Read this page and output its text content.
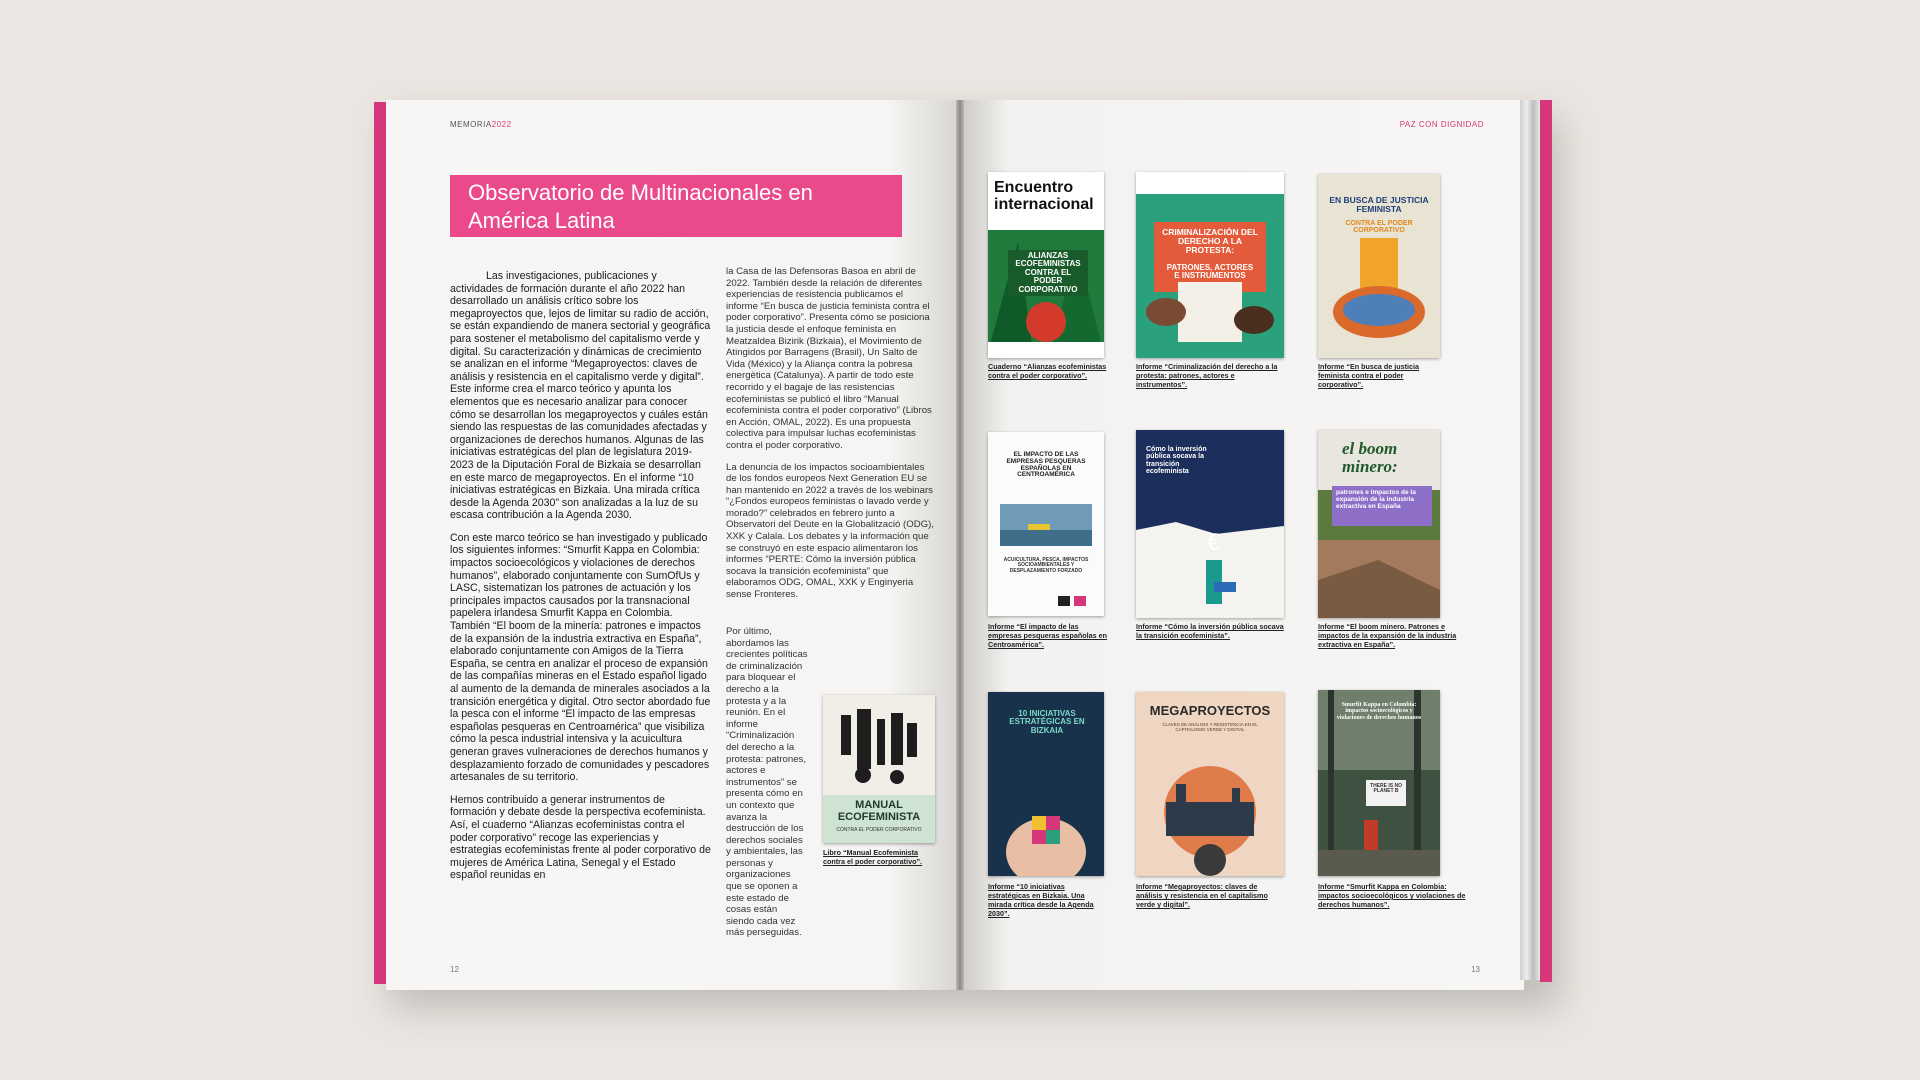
MEMORIA2022
Observatorio de Multinacionales en América Latina

Las investigaciones, publicaciones y actividades de formación durante el año 2022 han desarrollado un análisis crítico sobre los megaproyectos que, lejos de limitar su radio de acción, se están expandiendo de manera sectorial y geográfica para sostener el metabolismo del capitalismo verde y digital. Su caracterización y dinámicas de crecimiento se analizan en el informe “Megaproyectos: claves de análisis y resistencia en el capitalismo verde y digital”. Este informe crea el marco teórico y apunta los elementos que es necesario analizar para conocer cómo se desarrollan los megaproyectos y cuáles están siendo las respuestas de las comunidades afectadas y organizaciones de derechos humanos. Algunas de las iniciativas estratégicas del plan de legislatura 2019-2023 de la Diputación Foral de Bizkaia se desarrollan en este marco de megaproyectos. En el informe “10 iniciativas estratégicas en Bizkaia. Una mirada crítica desde la Agenda 2030” son analizadas a la luz de su escasa contribución a la Agenda 2030.

Con este marco teórico se han investigado y publicado los siguientes informes: “Smurfit Kappa en Colombia: impactos socioecológicos y violaciones de derechos humanos”, elaborado conjuntamente con SumOfUs y LASC, sistematizan los patrones de actuación y los principales impactos causados por la transnacional papelera irlandesa Smurfit Kappa en Colombia. También “El boom de la minería: patrones e impactos de la expansión de la industria extractiva en España”, elaborado conjuntamente con Amigos de la Tierra España, se centra en analizar el proceso de expansión de las compañías mineras en el Estado español ligado al aumento de la demanda de minerales asociados a la transición energética y digital. Otro sector abordado fue la pesca con el informe “El impacto de las empresas españolas pesqueras en Centroamérica” que visibiliza cómo la pesca industrial intensiva y la acuicultura generan graves vulneraciones de derechos humanos y desplazamiento forzado de comunidades y pescadores artesanales de su territorio.

Hemos contribuido a generar instrumentos de formación y debate desde la perspectiva ecofeminista. Así, el cuaderno “Alianzas ecofeministas contra el poder corporativo” recoge las experiencias y estrategias ecofeministas frente al poder corporativo de mujeres de América Latina, Senegal y el Estado español reunidas en

la Casa de las Defensoras Basoa en abril de 2022. También desde la relación de diferentes experiencias de resistencia publicamos el informe “En busca de justicia feminista contra el poder corporativo”. Presenta cómo se posiciona la justicia desde el enfoque feminista en Meatzaldea Bizirik (Bizkaia), el Movimiento de Atingidos por Barragens (Brasil), Un Salto de Vida (México) y la Aliança contra la pobresa energètica (Catalunya). A partir de todo este recorrido y el bagaje de las resistencias ecofeministas se publicó el libro “Manual ecofeminista contra el poder corporativo” (Libros en Acción, OMAL, 2022). Es una propuesta colectiva para impulsar luchas ecofeministas contra el poder corporativo.

La denuncia de los impactos socioambientales de los fondos europeos Next Generation EU se han mantenido en 2022 a través de los webinars “¿Fondos europeos feministas o lavado verde y morado?” celebrados en febrero junto a Observatori del Deute en la Globalització (ODG), XXK y Calala. Los debates y la información que se construyó en este espacio alimentaron los informes “PERTE: Cómo la inversión pública socava la transición ecofeminista” que elaboramos ODG, OMAL, XXK y Enginyeria sense Fronteres.

Por último, abordamos las crecientes políticas de criminalización para bloquear el derecho a la protesta y a la reunión. En el informe “Criminalización del derecho a la protesta: patrones, actores e instrumentos” se presenta cómo en un contexto que avanza la destrucción de los derechos sociales y ambientales, las personas y organizaciones que se oponen a este estado de cosas están siendo cada vez más perseguidas.

MANUAL ECOFEMINISTA
CONTRA EL PODER CORPORATIVO
Libro “Manual Ecofeminista contra el poder corporativo”.
12
PAZ CON DIGNIDAD
Encuentro internacional
ALIANZAS ECOFEMINISTAS CONTRA EL PODER CORPORATIVO
Cuaderno “Alianzas ecofeministas contra el poder corporativo”.
CRIMINALIZACIÓN DEL DERECHO A LA PROTESTA:
PATRONES, ACTORES E INSTRUMENTOS
Informe “Criminalización del derecho a la protesta: patrones, actores e instrumentos”.
EN BUSCA DE JUSTICIA FEMINISTA
CONTRA EL PODER CORPORATIVO
Informe “En busca de justicia feminista contra el poder corporativo”.
EL IMPACTO DE LAS EMPRESAS PESQUERAS ESPAÑOLAS EN CENTROAMÉRICA
ACUICULTURA, PESCA, IMPACTOS SOCIOAMBIENTALES Y DESPLAZAMIENTO FORZADO
Informe “El impacto de las empresas pesqueras españolas en Centroamérica”.
€
Cómo la inversión pública socava la transición ecofeminista
Informe “Cómo la inversión pública socava la transición ecofeminista”.
el boom minero:
patrones e impactos de la expansión de la industria extractiva en España
Informe “El boom minero. Patrones e impactos de la expansión de la industria extractiva en España”.
10 INICIATIVAS ESTRATÉGICAS EN BIZKAIA
Informe “10 iniciativas estratégicas en Bizkaia. Una mirada crítica desde la Agenda 2030”.
MEGAPROYECTOS
CLAVES DE ANÁLISIS Y RESISTENCIA EN EL CAPITALISMO VERDE Y DIGITAL
Informe “Megaproyectos: claves de análisis y resistencia en el capitalismo verde y digital”.
Smurfit Kappa en Colombia: impactos socioecológicos y violaciones de derechos humanos
THERE IS NO PLANET B
Informe “Smurfit Kappa en Colombia: impactos socioecológicos y violaciones de derechos humanos”.
13
